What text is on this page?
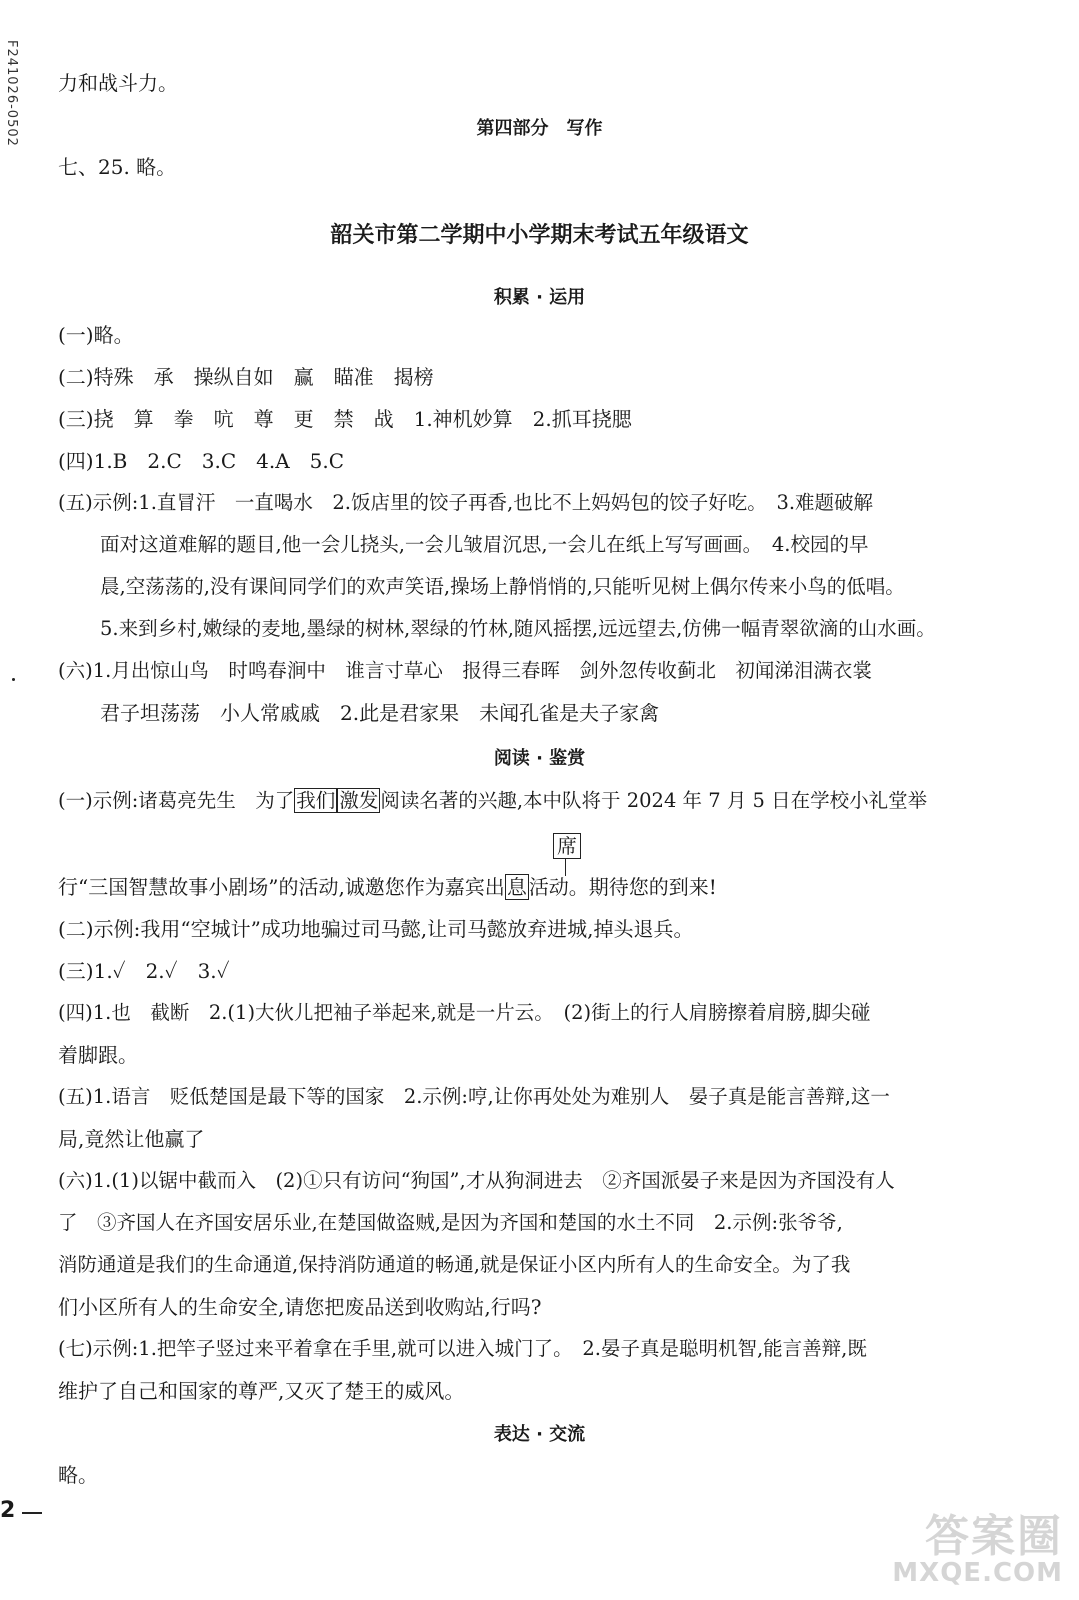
F241026-0502 力和战斗力。
第四部分　写作
七、25. 略。
韶关市第二学期中小学期末考试五年级语文
积累 · 运用
(一)略。
(二)特殊　承　操纵自如　赢　瞄准　揭榜
(三)挠　算　拳　吭　尊　更　禁　战　1.神机妙算　2.抓耳挠腮
(四)1.B　2.C　3.C　4.A　5.C
(五)示例:1.直冒汗　一直喝水　2.饭店里的饺子再香,也比不上妈妈包的饺子好吃。　3.难题破解
面对这道难解的题目,他一会儿挠头,一会儿皱眉沉思,一会儿在纸上写写画画。　4.校园的早
晨,空荡荡的,没有课间同学们的欢声笑语,操场上静悄悄的,只能听见树上偶尔传来小鸟的低唱。
5.来到乡村,嫩绿的麦地,墨绿的树林,翠绿的竹林,随风摇摆,远远望去,仿佛一幅青翠欲滴的山水画。
(六)1.月出惊山鸟　时鸣春涧中　谁言寸草心　报得三春晖　剑外忽传收蓟北　初闻涕泪满衣裳
君子坦荡荡　小人常戚戚　2.此是君家果　未闻孔雀是夫子家禽
阅读 · 鉴赏
(一)示例:诸葛亮先生　为了 我们 激发 阅读名著的兴趣,本中队将于 2024 年 7 月 5 日在学校小礼堂举
席
行“三国智慧故事小剧场”的活动,诚邀您作为嘉宾出 息 活动。期待您的到来!
(二)示例:我用“空城计”成功地骗过司马懿,让司马懿放弃进城,掉头退兵。
(三)1.✓　2.✓　3.✓
(四)1.也　截断　2.(1)大伙儿把袖子举起来,就是一片云。　(2)街上的行人肩膀擦着肩膀,脚尖碰
着脚跟。
(五)1.语言　贬低楚国是最下等的国家　2.示例:哼,让你再处处为难别人　晏子真是能言善辩,这一
局,竟然让他赢了
(六)1.(1)以锯中截而入　(2)①只有访问“狗国”,才从狗洞进去　②齐国派晏子来是因为齐国没有人
了　③齐国人在齐国安居乐业,在楚国做盗贼,是因为齐国和楚国的水土不同　2.示例:张爷爷,
消防通道是我们的生命通道,保持消防通道的畅通,就是保证小区内所有人的生命安全。为了我
们小区所有人的生命安全,请您把废品送到收购站,行吗?
(七)示例:1.把竿子竖过来平着拿在手里,就可以进入城门了。　2.晏子真是聪明机智,能言善辩,既
维护了自己和国家的尊严,又灭了楚王的威风。
表达 · 交流
略。
2
答案圈
MXQE.COM
